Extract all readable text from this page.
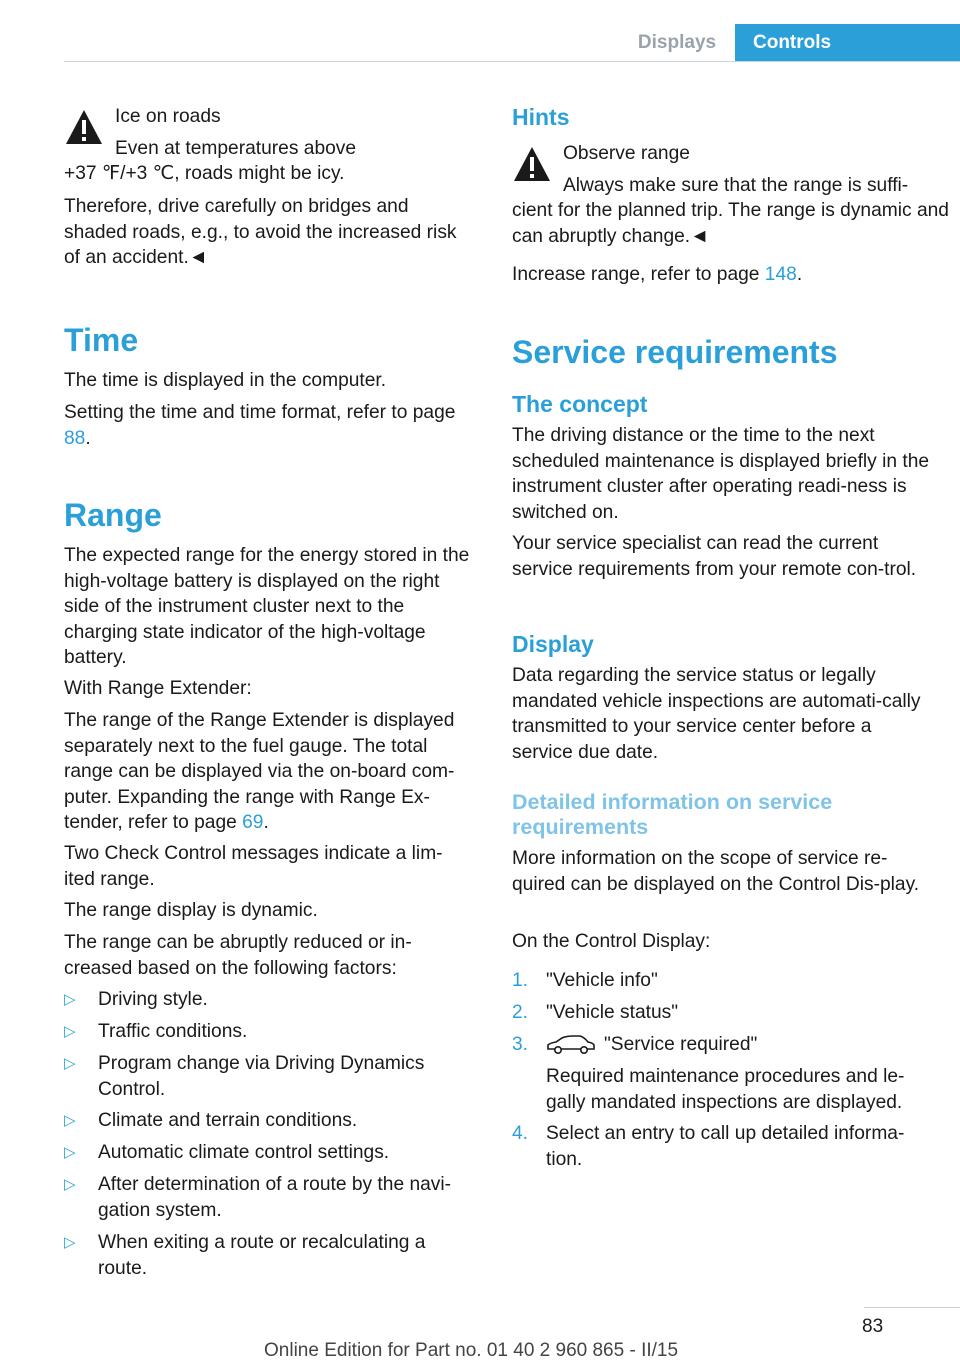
Displays	Controls
Ice on roads
Even at temperatures above
+37 ℉/+3 ℃, roads might be icy.
Therefore, drive carefully on bridges and shaded roads, e.g., to avoid the increased risk of an accident.◄
Time
The time is displayed in the computer.
Setting the time and time format, refer to page 88.
Range
The expected range for the energy stored in the high-voltage battery is displayed on the right side of the instrument cluster next to the charging state indicator of the high-voltage battery.
With Range Extender:
The range of the Range Extender is displayed separately next to the fuel gauge. The total range can be displayed via the on-board com-puter. Expanding the range with Range Ex-tender, refer to page 69.
Two Check Control messages indicate a lim-ited range.
The range display is dynamic.
The range can be abruptly reduced or in-creased based on the following factors:
▷	Driving style.
▷	Traffic conditions.
▷	Program change via Driving Dynamics Control.
▷	Climate and terrain conditions.
▷	Automatic climate control settings.
▷	After determination of a route by the navi-gation system.
▷	When exiting a route or recalculating a route.
Hints
Observe range
Always make sure that the range is suffi-
cient for the planned trip. The range is dynamic and can abruptly change.◄
Increase range, refer to page 148.
Service requirements
The concept
The driving distance or the time to the next scheduled maintenance is displayed briefly in the instrument cluster after operating readi-ness is switched on.
Your service specialist can read the current service requirements from your remote con-trol.
Display
Data regarding the service status or legally mandated vehicle inspections are automati-cally transmitted to your service center before a service due date.
Detailed information on service requirements
More information on the scope of service re-quired can be displayed on the Control Dis-play.
On the Control Display:
1. "Vehicle info"
2. "Vehicle status"
3.	"Service required"
Required maintenance procedures and le-gally mandated inspections are displayed.
4. Select an entry to call up detailed informa-tion.
83
Online Edition for Part no. 01 40 2 960 865 - II/15
